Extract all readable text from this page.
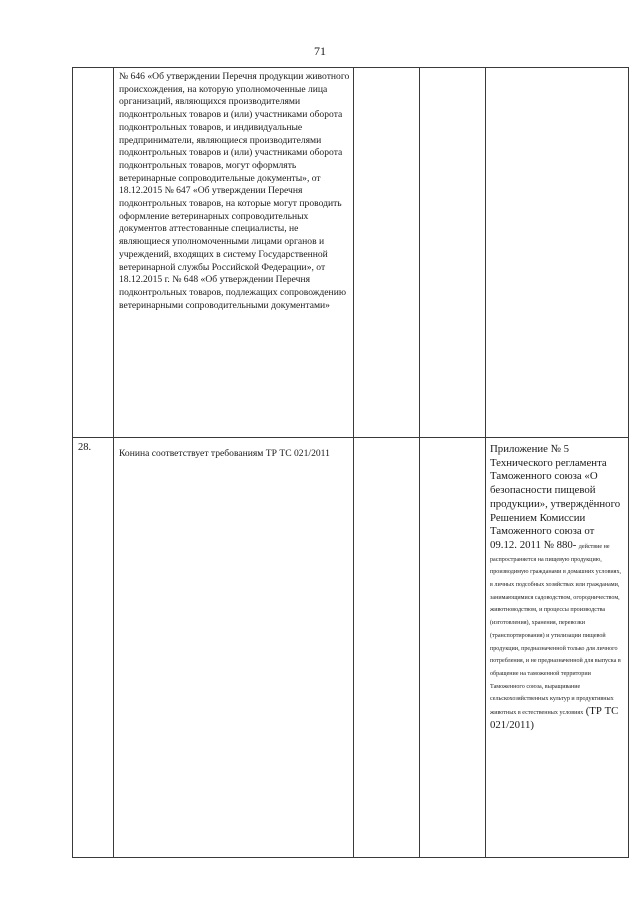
71
№ 646 «Об утверждении Перечня продукции животного происхождения, на которую уполномоченные лица организаций, являющихся производителями подконтрольных товаров и (или) участниками оборота подконтрольных товаров, и индивидуальные предприниматели, являющиеся производителями подконтрольных товаров и (или) участниками оборота подконтрольных товаров, могут оформлять ветеринарные сопроводительные документы», от 18.12.2015 № 647 «Об утверждении Перечня подконтрольных товаров, на которые могут проводить оформление ветеринарных сопроводительных документов аттестованные специалисты, не являющиеся уполномоченными лицами органов и учреждений, входящих в систему Государственной ветеринарной службы Российской Федерации», от 18.12.2015 г. № 648 «Об утверждении Перечня подконтрольных товаров, подлежащих сопровождению ветеринарными сопроводительными документами»
28.
Конина соответствует требованиям ТР ТС 021/2011	Приложение № 5 Технического регламента Таможенного союза «О безопасности пищевой продукции», утверждённого Решением Комиссии Таможенного союза от 09.12. 2011 № 880- действие не распространяется на пищевую продукцию, производимую гражданами в домашних условиях, в личных подсобных хозяйствах или гражданами, занимающимися садоводством, огородничеством, животноводством, и процессы производства (изготовления), хранения, перевозки (транспортирования) и утилизации пищевой продукции, предназначенной только для личного потребления, и не предназначенной для выпуска в обращение на таможенной территории Таможенного союза, выращивание сельскохозяйственных культур и продуктивных животных в естественных условиях (ТР ТС 021/2011)
